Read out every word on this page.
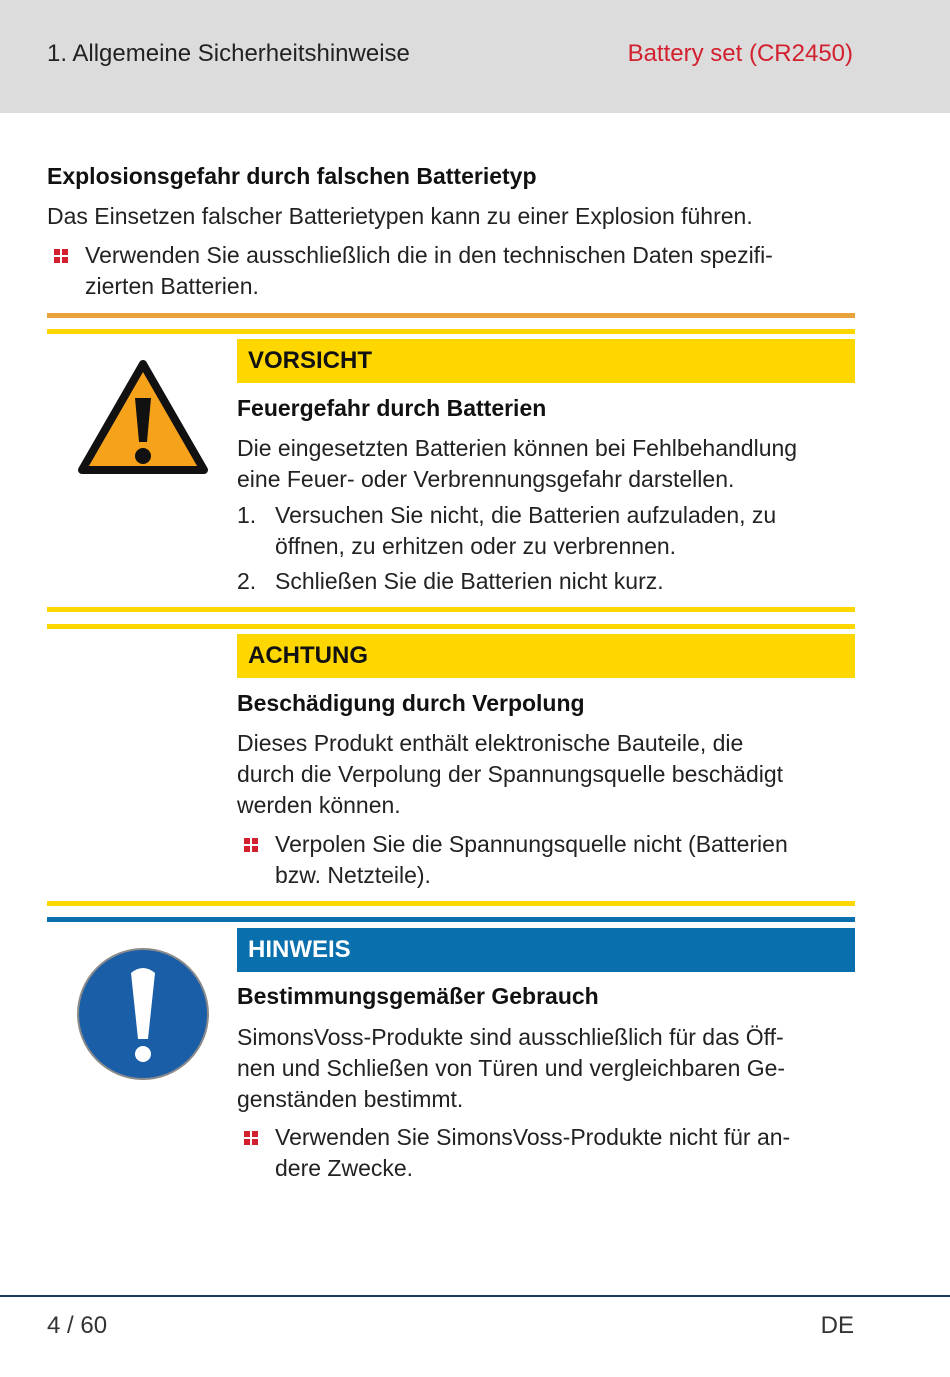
1. Allgemeine Sicherheitshinweise	Battery set (CR2450)
Explosionsgefahr durch falschen Batterietyp
Das Einsetzen falscher Batterietypen kann zu einer Explosion führen.
Verwenden Sie ausschließlich die in den technischen Daten spezifi-
zierten Batterien.
VORSICHT
Feuergefahr durch Batterien
Die eingesetzten Batterien können bei Fehlbehandlung
eine Feuer- oder Verbrennungsgefahr darstellen.
1. Versuchen Sie nicht, die Batterien aufzuladen, zu
öffnen, zu erhitzen oder zu verbrennen.
2. Schließen Sie die Batterien nicht kurz.
ACHTUNG
Beschädigung durch Verpolung
Dieses Produkt enthält elektronische Bauteile, die
durch die Verpolung der Spannungsquelle beschädigt
werden können.
Verpolen Sie die Spannungsquelle nicht (Batterien
bzw. Netzteile).
HINWEIS
Bestimmungsgemäßer Gebrauch
SimonsVoss-Produkte sind ausschließlich für das Öff-
nen und Schließen von Türen und vergleichbaren Ge-
genständen bestimmt.
Verwenden Sie SimonsVoss-Produkte nicht für an-
dere Zwecke.
4 / 60	DE
